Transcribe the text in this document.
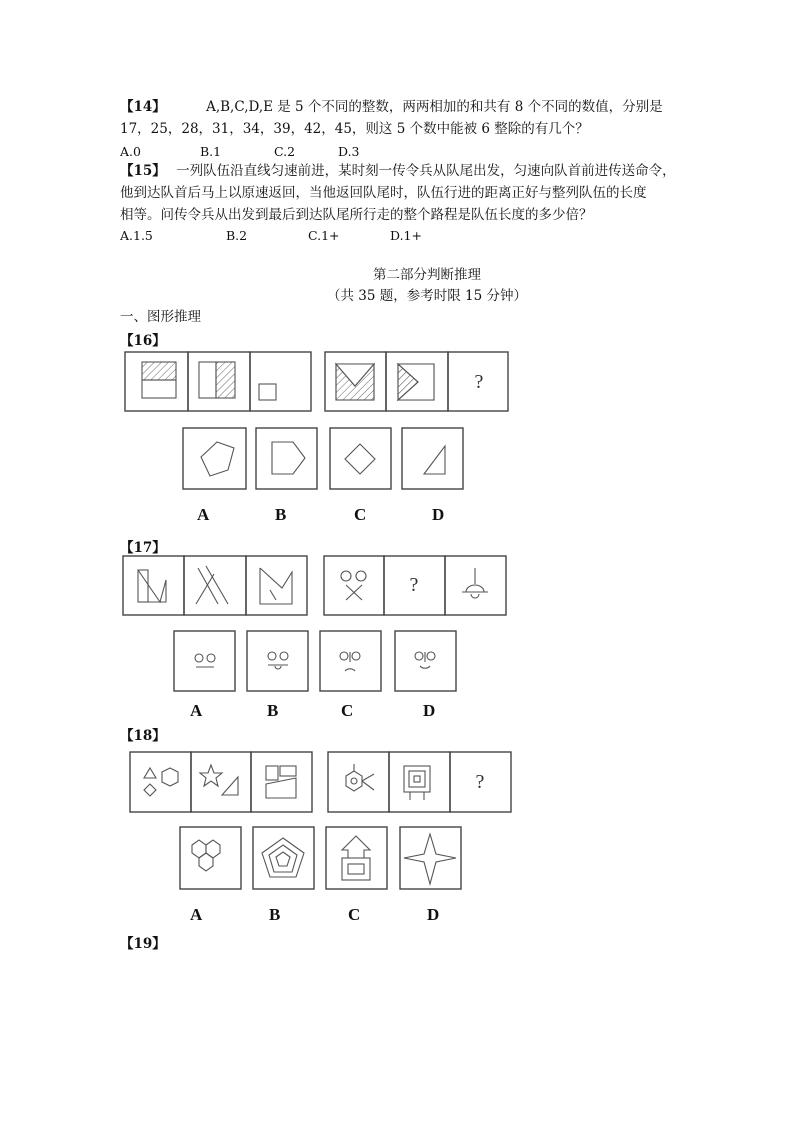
【14】	A,B,C,D,E 是 5 个不同的整数，两两相加的和共有 8 个不同的数值，分别是
17，25，28，31，34，39，42，45，则这 5 个数中能被 6 整除的有几个？
A.0	B.1	C.2	D.3
【15】 一列队伍沿直线匀速前进，某时刻一传令兵从队尾出发，匀速向队首前进传送命令，
他到达队首后马上以原速返回，当他返回队尾时，队伍行进的距离正好与整列队伍的长度
相等。问传令兵从出发到最后到达队尾所行走的整个路程是队伍长度的多少倍？
A.1.5	B.2	C.1+	D.1+
第二部分判断推理
（共 35 题，参考时限 15 分钟）
一、图形推理
【16】
?
A	B	C	D
【17】
?
A	B	C	D
【18】
?
A	B	C	D
【19】
